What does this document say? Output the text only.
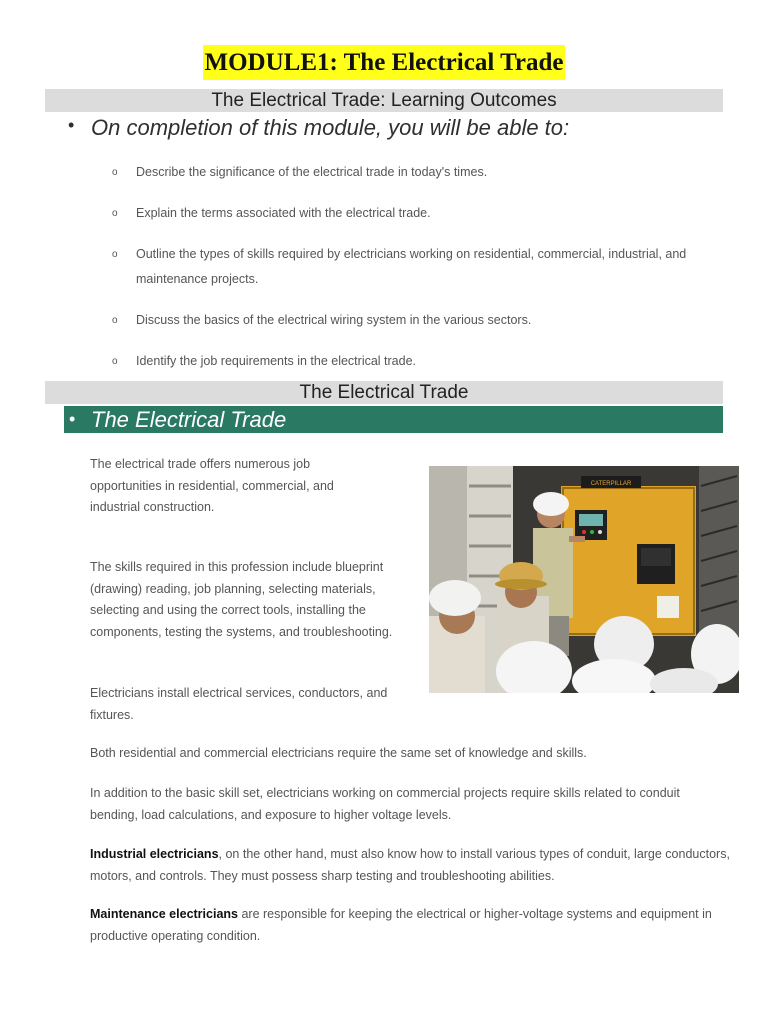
MODULE1: The Electrical Trade
The Electrical Trade: Learning Outcomes
• On completion of this module, you will be able to:
o Describe the significance of the electrical trade in today's times.
o Explain the terms associated with the electrical trade.
o Outline the types of skills required by electricians working on residential, commercial, industrial, and maintenance projects.
o Discuss the basics of the electrical wiring system in the various sectors.
o Identify the job requirements in the electrical trade.
The Electrical Trade
• The Electrical Trade

The electrical trade offers numerous job opportunities in residential, commercial, and industrial construction.

The skills required in this profession include blueprint (drawing) reading, job planning, selecting materials, selecting and using the correct tools, installing the components, testing the systems, and troubleshooting.

Electricians install electrical services, conductors, and fixtures.

Both residential and commercial electricians require the same set of knowledge and skills.

In addition to the basic skill set, electricians working on commercial projects require skills related to conduit bending, load calculations, and exposure to higher voltage levels.

Industrial electricians, on the other hand, must also know how to install various types of conduit, large conductors, motors, and controls. They must possess sharp testing and troubleshooting abilities.

Maintenance electricians are responsible for keeping the electrical or higher-voltage systems and equipment in productive operating condition.

CATERPILLAR
